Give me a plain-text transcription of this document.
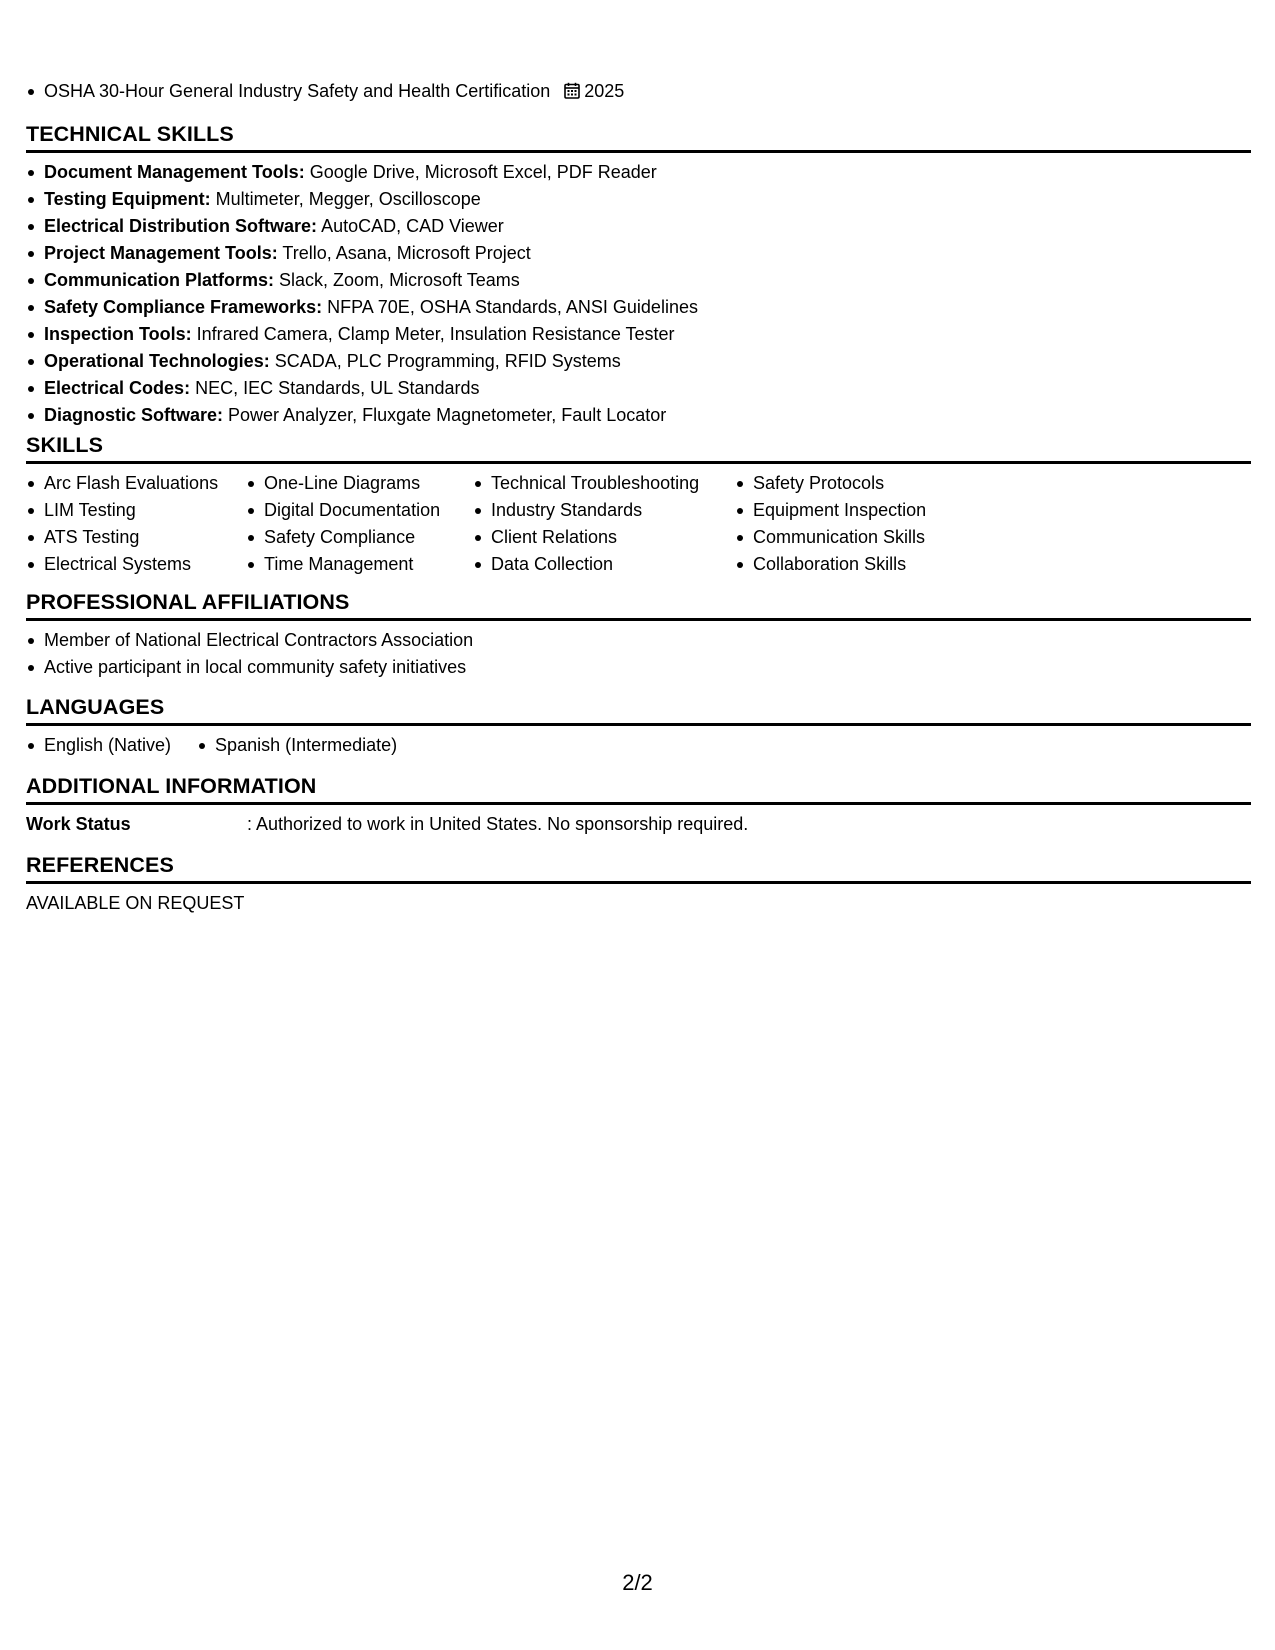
OSHA 30-Hour General Industry Safety and Health Certification 2025
TECHNICAL SKILLS
Document Management Tools: Google Drive, Microsoft Excel, PDF Reader
Testing Equipment: Multimeter, Megger, Oscilloscope
Electrical Distribution Software: AutoCAD, CAD Viewer
Project Management Tools: Trello, Asana, Microsoft Project
Communication Platforms: Slack, Zoom, Microsoft Teams
Safety Compliance Frameworks: NFPA 70E, OSHA Standards, ANSI Guidelines
Inspection Tools: Infrared Camera, Clamp Meter, Insulation Resistance Tester
Operational Technologies: SCADA, PLC Programming, RFID Systems
Electrical Codes: NEC, IEC Standards, UL Standards
Diagnostic Software: Power Analyzer, Fluxgate Magnetometer, Fault Locator
SKILLS
Arc Flash Evaluations
LIM Testing
ATS Testing
Electrical Systems
One-Line Diagrams
Digital Documentation
Safety Compliance
Time Management
Technical Troubleshooting
Industry Standards
Client Relations
Data Collection
Safety Protocols
Equipment Inspection
Communication Skills
Collaboration Skills
PROFESSIONAL AFFILIATIONS
Member of National Electrical Contractors Association
Active participant in local community safety initiatives
LANGUAGES
English (Native)	Spanish (Intermediate)
ADDITIONAL INFORMATION
Work Status	: Authorized to work in United States. No sponsorship required.
REFERENCES
AVAILABLE ON REQUEST
2/2
